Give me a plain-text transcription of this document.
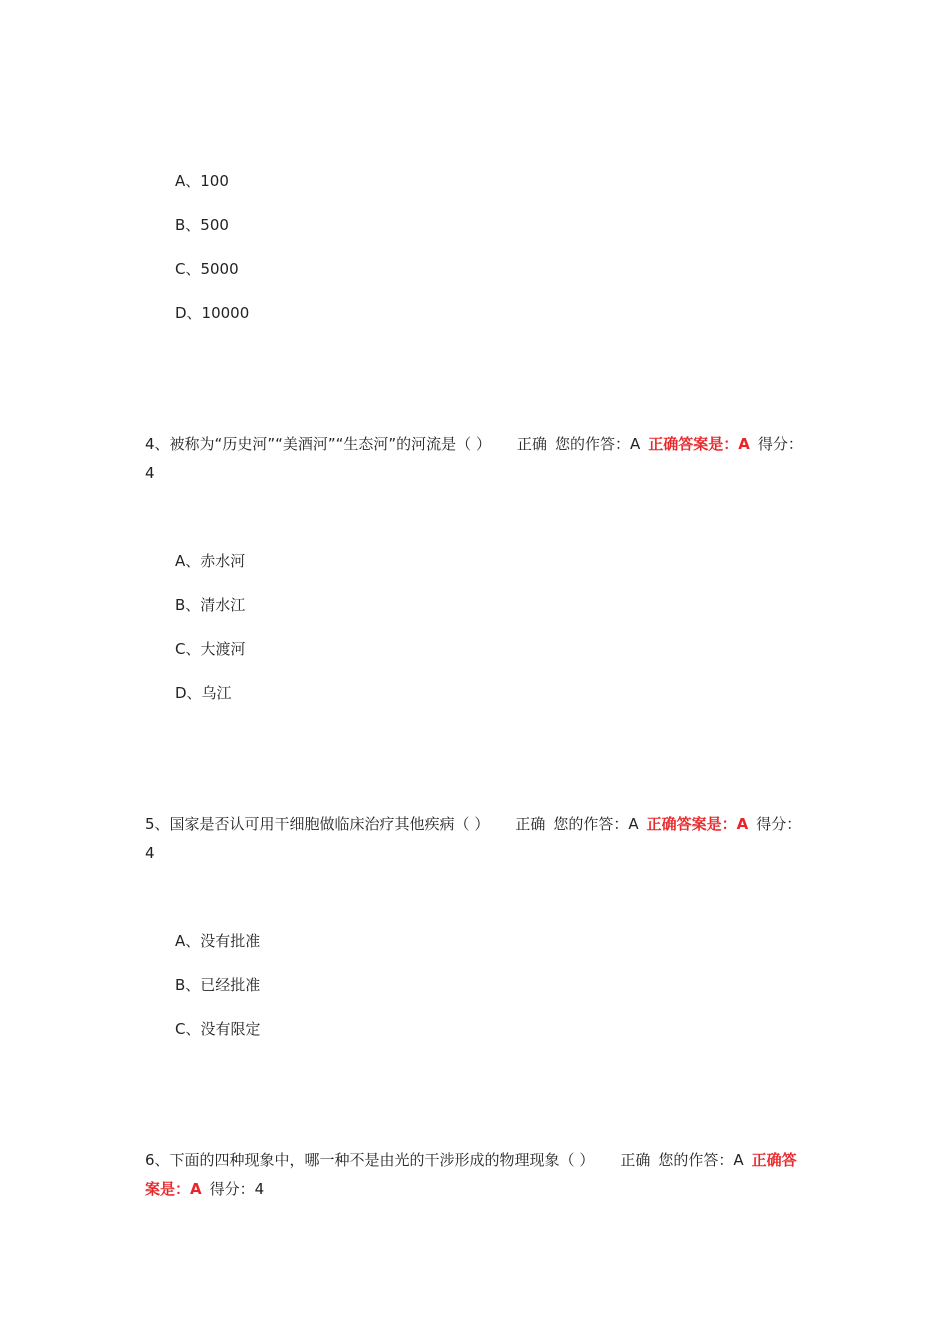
A、100
B、500
C、5000
D、10000
4、被称为“历史河”“美酒河”“生态河”的河流是（ ） 正确 您的作答：A 正确答案是：A 得分：4
A、赤水河
B、清水江
C、大渡河
D、乌江
5、国家是否认可用干细胞做临床治疗其他疾病（ ） 正确 您的作答：A 正确答案是：A 得分：4
A、没有批准
B、已经批准
C、没有限定
6、下面的四种现象中，哪一种不是由光的干涉形成的物理现象（ ） 正确 您的作答：A 正确答案是：A 得分：4
